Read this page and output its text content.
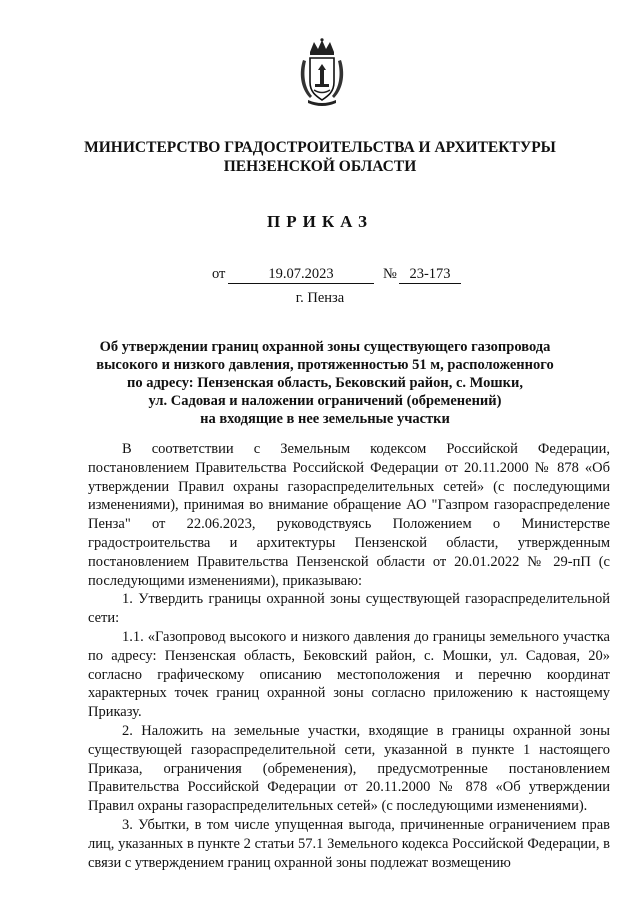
МИНИСТЕРСТВО ГРАДОСТРОИТЕЛЬСТВА И АРХИТЕКТУРЫ
ПЕНЗЕНСКОЙ ОБЛАСТИ
ПРИКАЗ
от	19.07.2023	№ 23-173
г. Пенза
Об утверждении границ охранной зоны существующего газопровода
высокого и низкого давления, протяженностью 51 м, расположенного
по адресу: Пензенская область, Бековский район, с. Мошки,
ул. Садовая и наложении ограничений (обременений)
на входящие в нее земельные участки

В соответствии с Земельным кодексом Российской Федерации, постановлением Правительства Российской Федерации от 20.11.2000 № 878 «Об утверждении Правил охраны газораспределительных сетей» (с последующими изменениями), принимая во внимание обращение АО "Газпром газораспределение Пенза" от 22.06.2023, руководствуясь Положением о Министерстве градостроительства и архитектуры Пензенской области, утвержденным постановлением Правительства Пензенской области от 20.01.2022 № 29-пП (с последующими изменениями), приказываю:

1. Утвердить границы охранной зоны существующей газораспределительной сети:

1.1. «Газопровод высокого и низкого давления до границы земельного участка по адресу: Пензенская область, Бековский район, с. Мошки, ул. Садовая, 20» согласно графическому описанию местоположения и перечню координат характерных точек границ охранной зоны согласно приложению к настоящему Приказу.

2. Наложить на земельные участки, входящие в границы охранной зоны существующей газораспределительной сети, указанной в пункте 1 настоящего Приказа, ограничения (обременения), предусмотренные постановлением Правительства Российской Федерации от 20.11.2000 № 878 «Об утверждении Правил охраны газораспределительных сетей» (с последующими изменениями).

3. Убытки, в том числе упущенная выгода, причиненные ограничением прав лиц, указанных в пункте 2 статьи 57.1 Земельного кодекса Российской Федерации, в связи с утверждением границ охранной зоны подлежат возмещению
